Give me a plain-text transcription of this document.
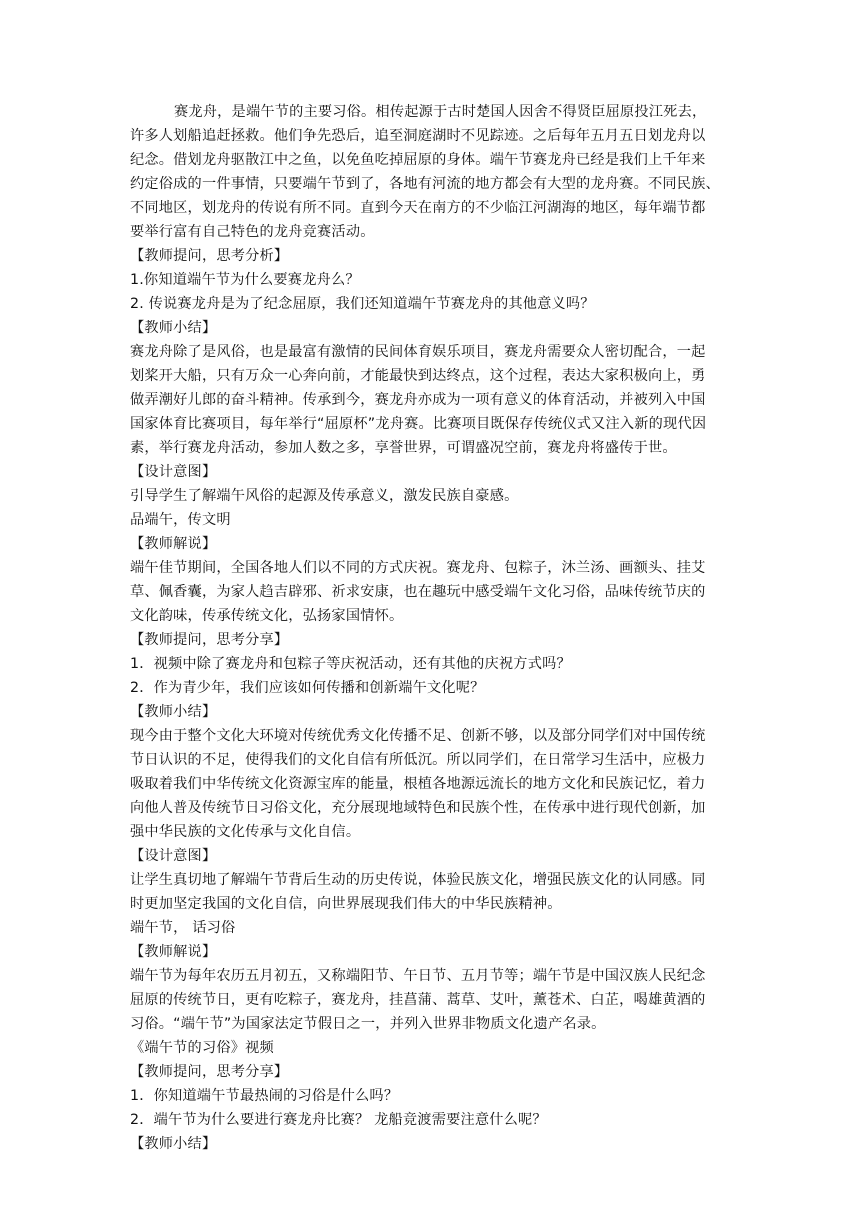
赛龙舟，是端午节的主要习俗。相传起源于古时楚国人因舍不得贤臣屈原投江死去，
许多人划船追赶拯救。他们争先恐后，追至洞庭湖时不见踪迹。之后每年五月五日划龙舟以
纪念。借划龙舟驱散江中之鱼，以免鱼吃掉屈原的身体。端午节赛龙舟已经是我们上千年来
约定俗成的一件事情，只要端午节到了，各地有河流的地方都会有大型的龙舟赛。不同民族、
不同地区，划龙舟的传说有所不同。直到今天在南方的不少临江河湖海的地区，每年端节都
要举行富有自己特色的龙舟竞赛活动。
【教师提问，思考分析】
1.你知道端午节为什么要赛龙舟么？
2. 传说赛龙舟是为了纪念屈原，我们还知道端午节赛龙舟的其他意义吗？
【教师小结】
赛龙舟除了是风俗，也是最富有激情的民间体育娱乐项目，赛龙舟需要众人密切配合，一起
划桨开大船，只有万众一心奔向前，才能最快到达终点，这个过程，表达大家积极向上，勇
做弄潮好儿郎的奋斗精神。传承到今，赛龙舟亦成为一项有意义的体育活动，并被列入中国
国家体育比赛项目，每年举行“屈原杯”龙舟赛。比赛项目既保存传统仪式又注入新的现代因
素，举行赛龙舟活动，参加人数之多，享誉世界，可谓盛况空前，赛龙舟将盛传于世。
【设计意图】
引导学生了解端午风俗的起源及传承意义，激发民族自豪感。
品端午，传文明
【教师解说】
端午佳节期间，全国各地人们以不同的方式庆祝。赛龙舟、包粽子，沐兰汤、画额头、挂艾
草、佩香囊，为家人趋吉辟邪、祈求安康，也在趣玩中感受端午文化习俗，品味传统节庆的
文化韵味，传承传统文化，弘扬家国情怀。
【教师提问，思考分享】
1．视频中除了赛龙舟和包粽子等庆祝活动，还有其他的庆祝方式吗？
2．作为青少年，我们应该如何传播和创新端午文化呢？
【教师小结】
现今由于整个文化大环境对传统优秀文化传播不足、创新不够，以及部分同学们对中国传统
节日认识的不足，使得我们的文化自信有所低沉。所以同学们，在日常学习生活中，应极力
吸取着我们中华传统文化资源宝库的能量，根植各地源远流长的地方文化和民族记忆，着力
向他人普及传统节日习俗文化，充分展现地域特色和民族个性，在传承中进行现代创新，加
强中华民族的文化传承与文化自信。
【设计意图】
让学生真切地了解端午节背后生动的历史传说，体验民族文化，增强民族文化的认同感。同
时更加坚定我国的文化自信，向世界展现我们伟大的中华民族精神。
端午节， 话习俗
【教师解说】
端午节为每年农历五月初五，又称端阳节、午日节、五月节等；端午节是中国汉族人民纪念
屈原的传统节日，更有吃粽子，赛龙舟，挂菖蒲、蒿草、艾叶，薰苍术、白芷，喝雄黄酒的
习俗。“端午节”为国家法定节假日之一，并列入世界非物质文化遗产名录。
《端午节的习俗》视频
【教师提问，思考分享】
1．你知道端午节最热闹的习俗是什么吗？
2．端午节为什么要进行赛龙舟比赛？ 龙船竞渡需要注意什么呢？
【教师小结】
